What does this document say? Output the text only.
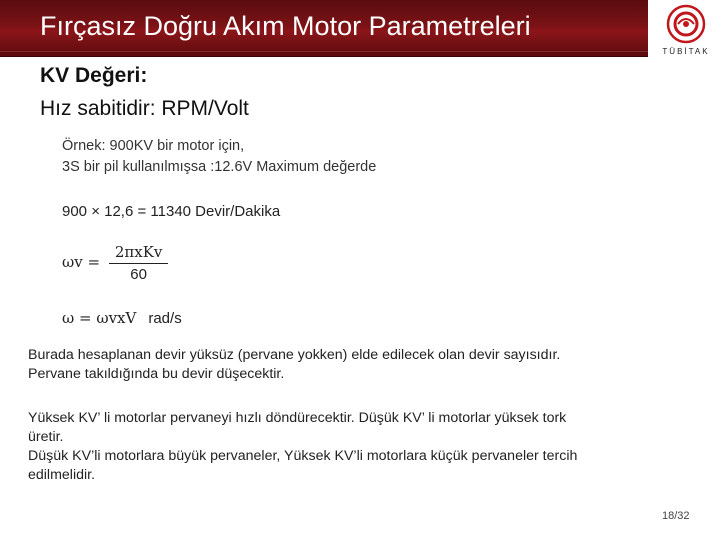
Fırçasız Doğru Akım Motor Parametreleri
TÜBİTAK
KV Değeri:
Hız sabitidir: RPM/Volt
Örnek: 900KV bir motor için,
3S bir pil kullanılmışsa :12.6V Maximum değerde
900 × 12,6 = 11340 Devir/Dakika
$\omega v = \frac{\text{2πxKv}}{60}$
ω = ωvxV rad/s
Burada hesaplanan devir yüksüz (pervane yokken) elde edilecek olan devir sayısıdır.
Pervane takıldığında bu devir düşecektir.
Yüksek KV’ li motorlar pervaneyi hızlı döndürecektir. Düşük KV’ li motorlar yüksek tork
üretir.
Düşük KV’li motorlara büyük pervaneler, Yüksek KV’li motorlara küçük pervaneler tercih
edilmelidir.
18/32
